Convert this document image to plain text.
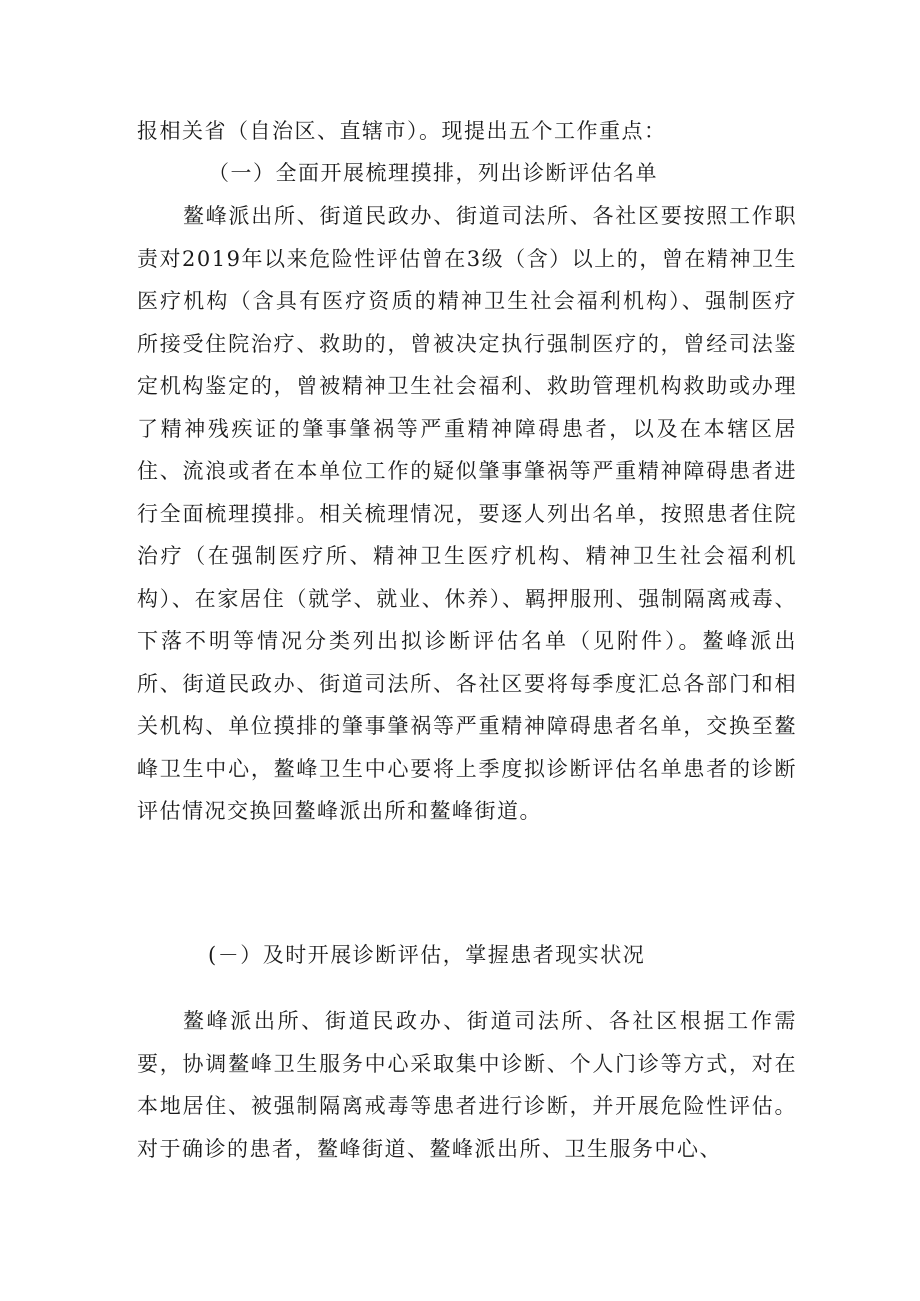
报相关省（自治区、直辖市）。现提出五个工作重点：

（一）全面开展梳理摸排，列出诊断评估名单

鳌峰派出所、街道民政办、街道司法所、各社区要按照工作职责对2019年以来危险性评估曾在3级（含）以上的，曾在精神卫生医疗机构（含具有医疗资质的精神卫生社会福利机构）、强制医疗所接受住院治疗、救助的，曾被决定执行强制医疗的，曾经司法鉴定机构鉴定的，曾被精神卫生社会福利、救助管理机构救助或办理了精神残疾证的肇事肇祸等严重精神障碍患者，以及在本辖区居住、流浪或者在本单位工作的疑似肇事肇祸等严重精神障碍患者进行全面梳理摸排。相关梳理情况，要逐人列出名单，按照患者住院治疗（在强制医疗所、精神卫生医疗机构、精神卫生社会福利机构）、在家居住（就学、就业、休养）、羁押服刑、强制隔离戒毒、下落不明等情况分类列出拟诊断评估名单（见附件）。鳌峰派出所、街道民政办、街道司法所、各社区要将每季度汇总各部门和相关机构、单位摸排的肇事肇祸等严重精神障碍患者名单，交换至鳌峰卫生中心，鳌峰卫生中心要将上季度拟诊断评估名单患者的诊断评估情况交换回鳌峰派出所和鳌峰街道。

(－）及时开展诊断评估，掌握患者现实状况

鳌峰派出所、街道民政办、街道司法所、各社区根据工作需要，协调鳌峰卫生服务中心采取集中诊断、个人门诊等方式，对在本地居住、被强制隔离戒毒等患者进行诊断，并开展危险性评估。对于确诊的患者，鳌峰街道、鳌峰派出所、卫生服务中心、
